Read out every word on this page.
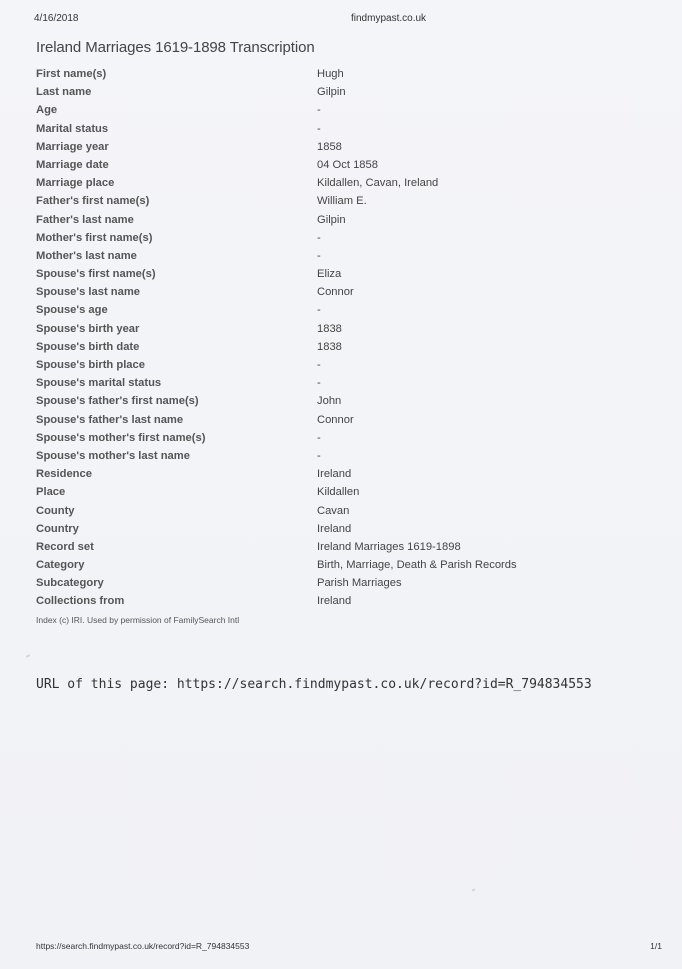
4/16/2018	findmypast.co.uk
Ireland Marriages 1619-1898 Transcription
First name(s)	Hugh
Last name	Gilpin
Age	-
Marital status	-
Marriage year	1858
Marriage date	04 Oct 1858
Marriage place	Kildallen, Cavan, Ireland
Father's first name(s)	William E.
Father's last name	Gilpin
Mother's first name(s)	-
Mother's last name	-
Spouse's first name(s)	Eliza
Spouse's last name	Connor
Spouse's age	-
Spouse's birth year	1838
Spouse's birth date	1838
Spouse's birth place	-
Spouse's marital status	-
Spouse's father's first name(s)	John
Spouse's father's last name	Connor
Spouse's mother's first name(s)	-
Spouse's mother's last name	-
Residence	Ireland
Place	Kildallen
County	Cavan
Country	Ireland
Record set	Ireland Marriages 1619-1898
Category	Birth, Marriage, Death & Parish Records
Subcategory	Parish Marriages
Collections from	Ireland
Index (c) IRI. Used by permission of FamilySearch Intl
URL of this page: https://search.findmypast.co.uk/record?id=R_794834553
https://search.findmypast.co.uk/record?id=R_794834553	1/1
